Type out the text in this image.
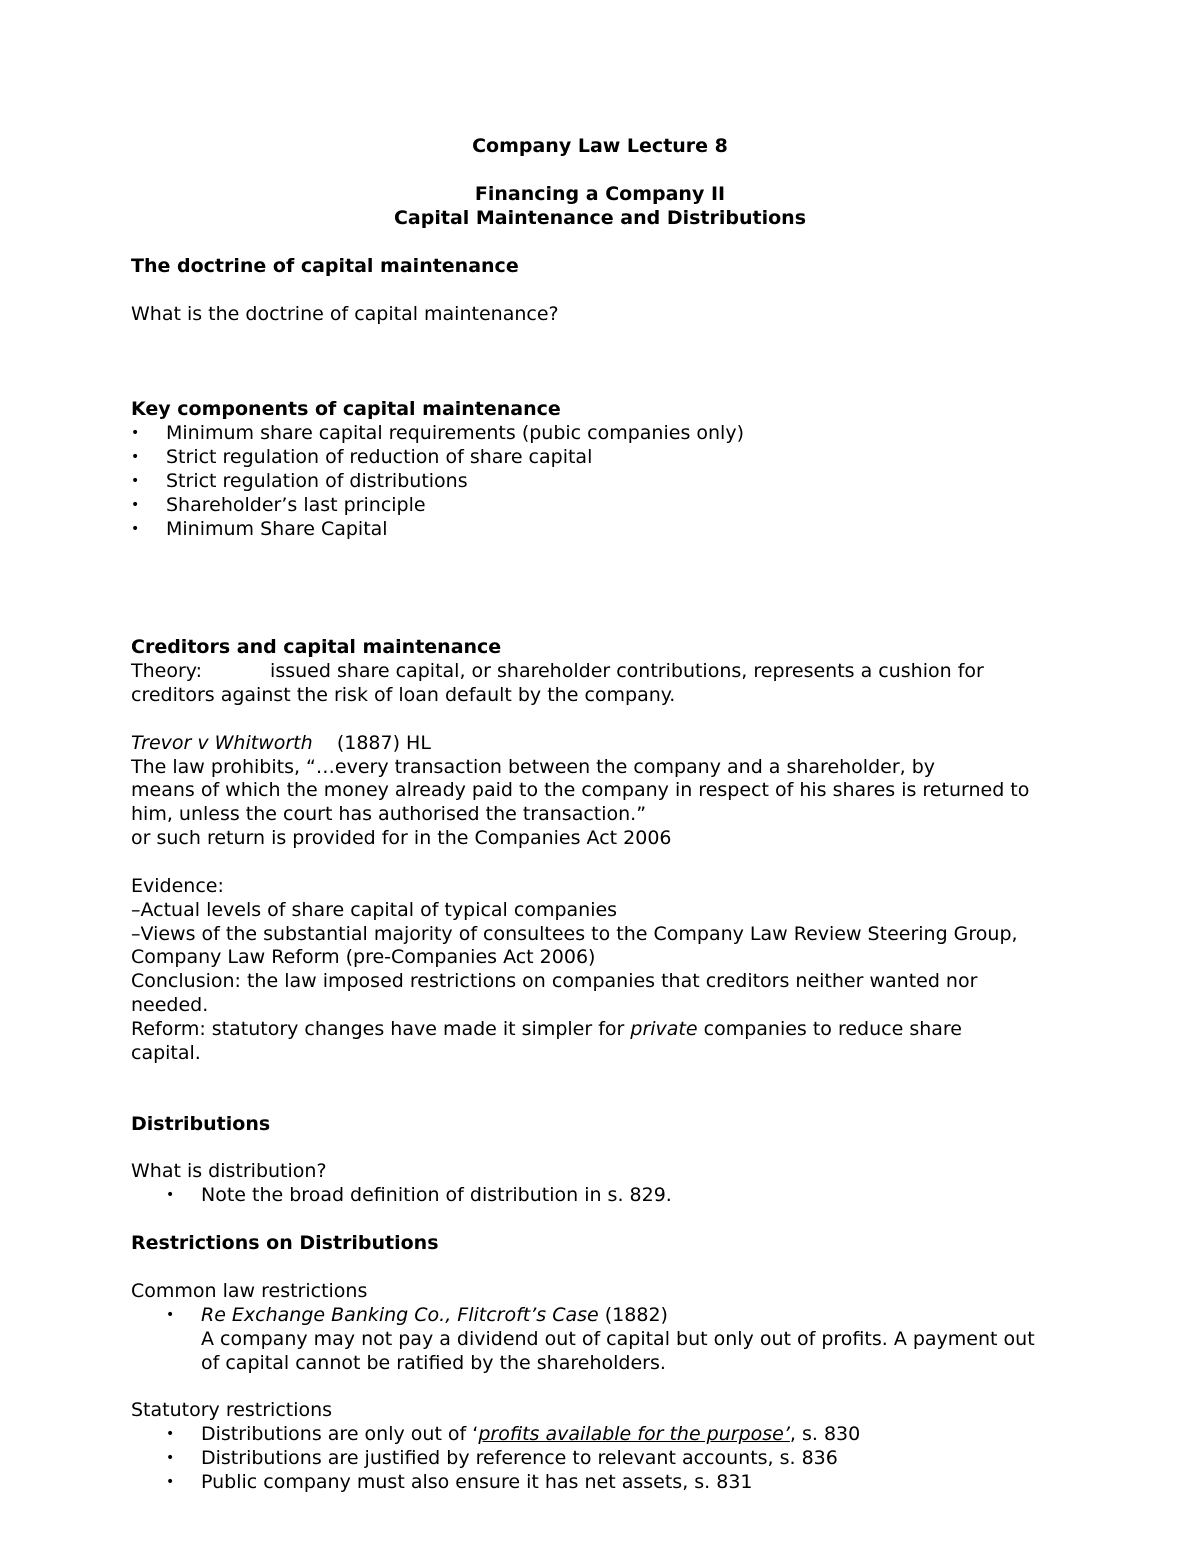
Company Law Lecture 8
Financing a Company II
Capital Maintenance and Distributions
The doctrine of capital maintenance
What is the doctrine of capital maintenance?
Key components of capital maintenance
• Minimum share capital requirements (pubic companies only)
• Strict regulation of reduction of share capital
• Strict regulation of distributions
• Shareholder’s last principle
• Minimum Share Capital
Creditors and capital maintenance
Theory:	issued share capital, or shareholder contributions, represents a cushion for
creditors against the risk of loan default by the company.
Trevor v Whitworth (1887) HL
The law prohibits, “…every transaction between the company and a shareholder, by
means of which the money already paid to the company in respect of his shares is returned to
him, unless the court has authorised the transaction.”
or such return is provided for in the Companies Act 2006
Evidence:
–Actual levels of share capital of typical companies
–Views of the substantial majority of consultees to the Company Law Review Steering Group,
Company Law Reform (pre-Companies Act 2006)
Conclusion: the law imposed restrictions on companies that creditors neither wanted nor
needed.
Reform: statutory changes have made it simpler for private companies to reduce share
capital.
Distributions
What is distribution?
• Note the broad definition of distribution in s. 829.
Restrictions on Distributions
Common law restrictions
• Re Exchange Banking Co., Flitcroft’s Case (1882)
A company may not pay a dividend out of capital but only out of profits. A payment out
of capital cannot be ratified by the shareholders.
Statutory restrictions
• Distributions are only out of ‘profits available for the purpose’, s. 830
• Distributions are justified by reference to relevant accounts, s. 836
• Public company must also ensure it has net assets, s. 831
